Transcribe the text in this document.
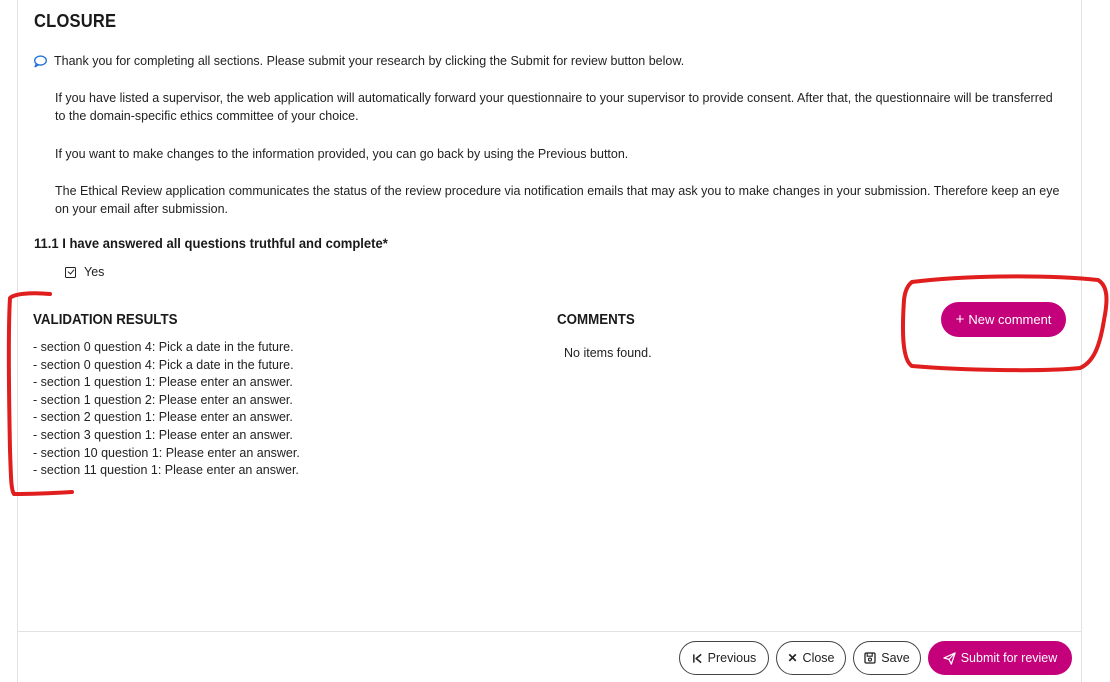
CLOSURE
Thank you for completing all sections. Please submit your research by clicking the Submit for review button below.
If you have listed a supervisor, the web application will automatically forward your questionnaire to your supervisor to provide consent. After that, the questionnaire will be transferred to the domain-specific ethics committee of your choice.
If you want to make changes to the information provided, you can go back by using the Previous button.
The Ethical Review application communicates the status of the review procedure via notification emails that may ask you to make changes in your submission. Therefore keep an eye on your email after submission.
11.1 I have answered all questions truthful and complete*
Yes
VALIDATION RESULTS
- section 0 question 4: Pick a date in the future.
- section 0 question 4: Pick a date in the future.
- section 1 question 1: Please enter an answer.
- section 1 question 2: Please enter an answer.
- section 2 question 1: Please enter an answer.
- section 3 question 1: Please enter an answer.
- section 10 question 1: Please enter an answer.
- section 11 question 1: Please enter an answer.
COMMENTS
No items found.
+ New comment
Previous	✕ Close	Save	Submit for review
